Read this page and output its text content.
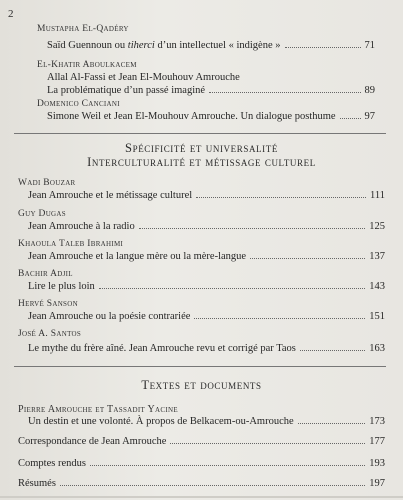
2
Mustapha El-Qadéry
Saïd Guennoun ou tiherci d’un intellectuel « indigène »	71
El-Khatir Aboulkacem
Allal Al-Fassi et Jean El-Mouhouv Amrouche
La problématique d’un passé imaginé	89
Domenico Canciani
Simone Weil et Jean El-Mouhouv Amrouche. Un dialogue posthume	97
Spécificité et universalité
Interculturalité et métissage culturel
Wadi Bouzar
Jean Amrouche et le métissage culturel	111
Guy Dugas
Jean Amrouche à la radio	125
Khaoula Taleb Ibrahimi
Jean Amrouche et la langue mère ou la mère-langue	137
Bachir Adjil
Lire le plus loin	143
Hervé Sanson
Jean Amrouche ou la poésie contrariée	151
José A. Santos
Le mythe du frère aîné. Jean Amrouche revu et corrigé par Taos	163
Textes et documents
Pierre Amrouche et Tassadit Yacine
Un destin et une volonté. À propos de Belkacem-ou-Amrouche	173
Correspondance de Jean Amrouche	177
Comptes rendus	193
Résumés	197
